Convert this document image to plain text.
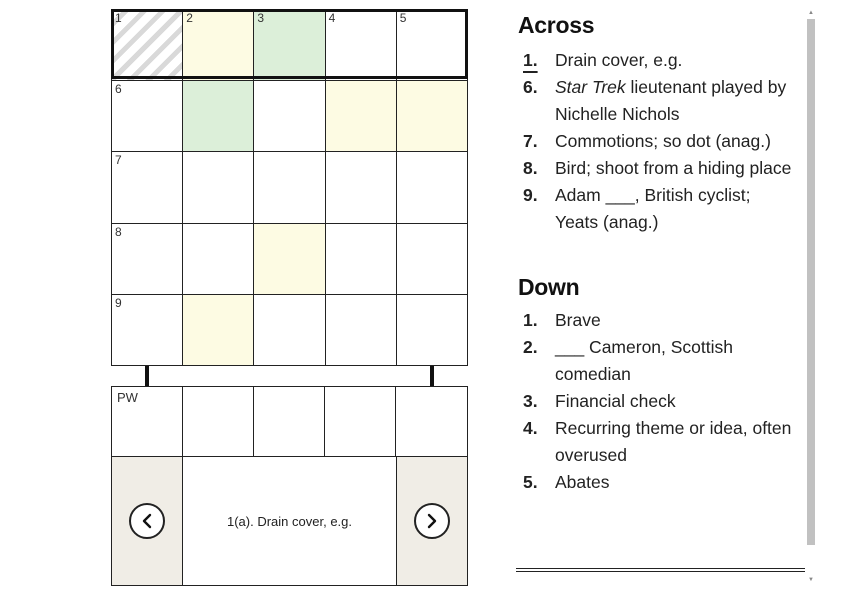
1	2	3	4	5
6
7
8
9
PW
1(a). Drain cover, e.g.
Across
1. Drain cover, e.g.
6. Star Trek lieutenant played by Nichelle Nichols
7. Commotions; so dot (anag.)
8. Bird; shoot from a hiding place
9. Adam ___, British cyclist; Yeats (anag.)
Down
1. Brave
2. ___ Cameron, Scottish comedian
3. Financial check
4. Recurring theme or idea, often overused
5. Abates
▲
▼
